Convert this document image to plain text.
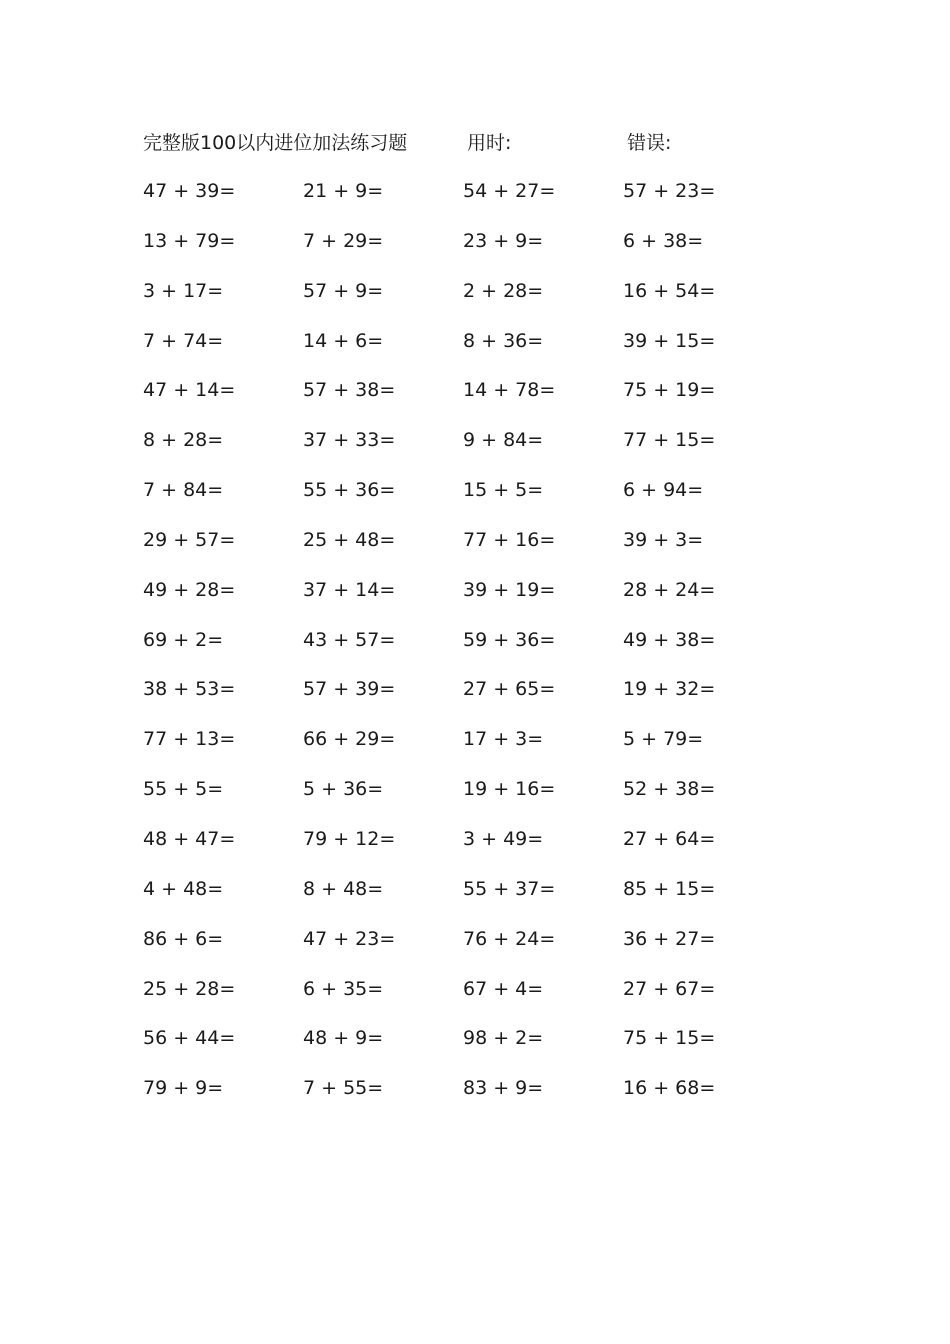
完整版100以内进位加法练习题	用时:	错误:
47 + 39=	21 + 9=	54 + 27=	57 + 23=
13 + 79=	7 + 29=	23 + 9=	6 + 38=
3 + 17=	57 + 9=	2 + 28=	16 + 54=
7 + 74=	14 + 6=	8 + 36=	39 + 15=
47 + 14=	57 + 38=	14 + 78=	75 + 19=
8 + 28=	37 + 33=	9 + 84=	77 + 15=
7 + 84=	55 + 36=	15 + 5=	6 + 94=
29 + 57=	25 + 48=	77 + 16=	39 + 3=
49 + 28=	37 + 14=	39 + 19=	28 + 24=
69 + 2=	43 + 57=	59 + 36=	49 + 38=
38 + 53=	57 + 39=	27 + 65=	19 + 32=
77 + 13=	66 + 29=	17 + 3=	5 + 79=
55 + 5=	5 + 36=	19 + 16=	52 + 38=
48 + 47=	79 + 12=	3 + 49=	27 + 64=
4 + 48=	8 + 48=	55 + 37=	85 + 15=
86 + 6=	47 + 23=	76 + 24=	36 + 27=
25 + 28=	6 + 35=	67 + 4=	27 + 67=
56 + 44=	48 + 9=	98 + 2=	75 + 15=
79 + 9=	7 + 55=	83 + 9=	16 + 68=
